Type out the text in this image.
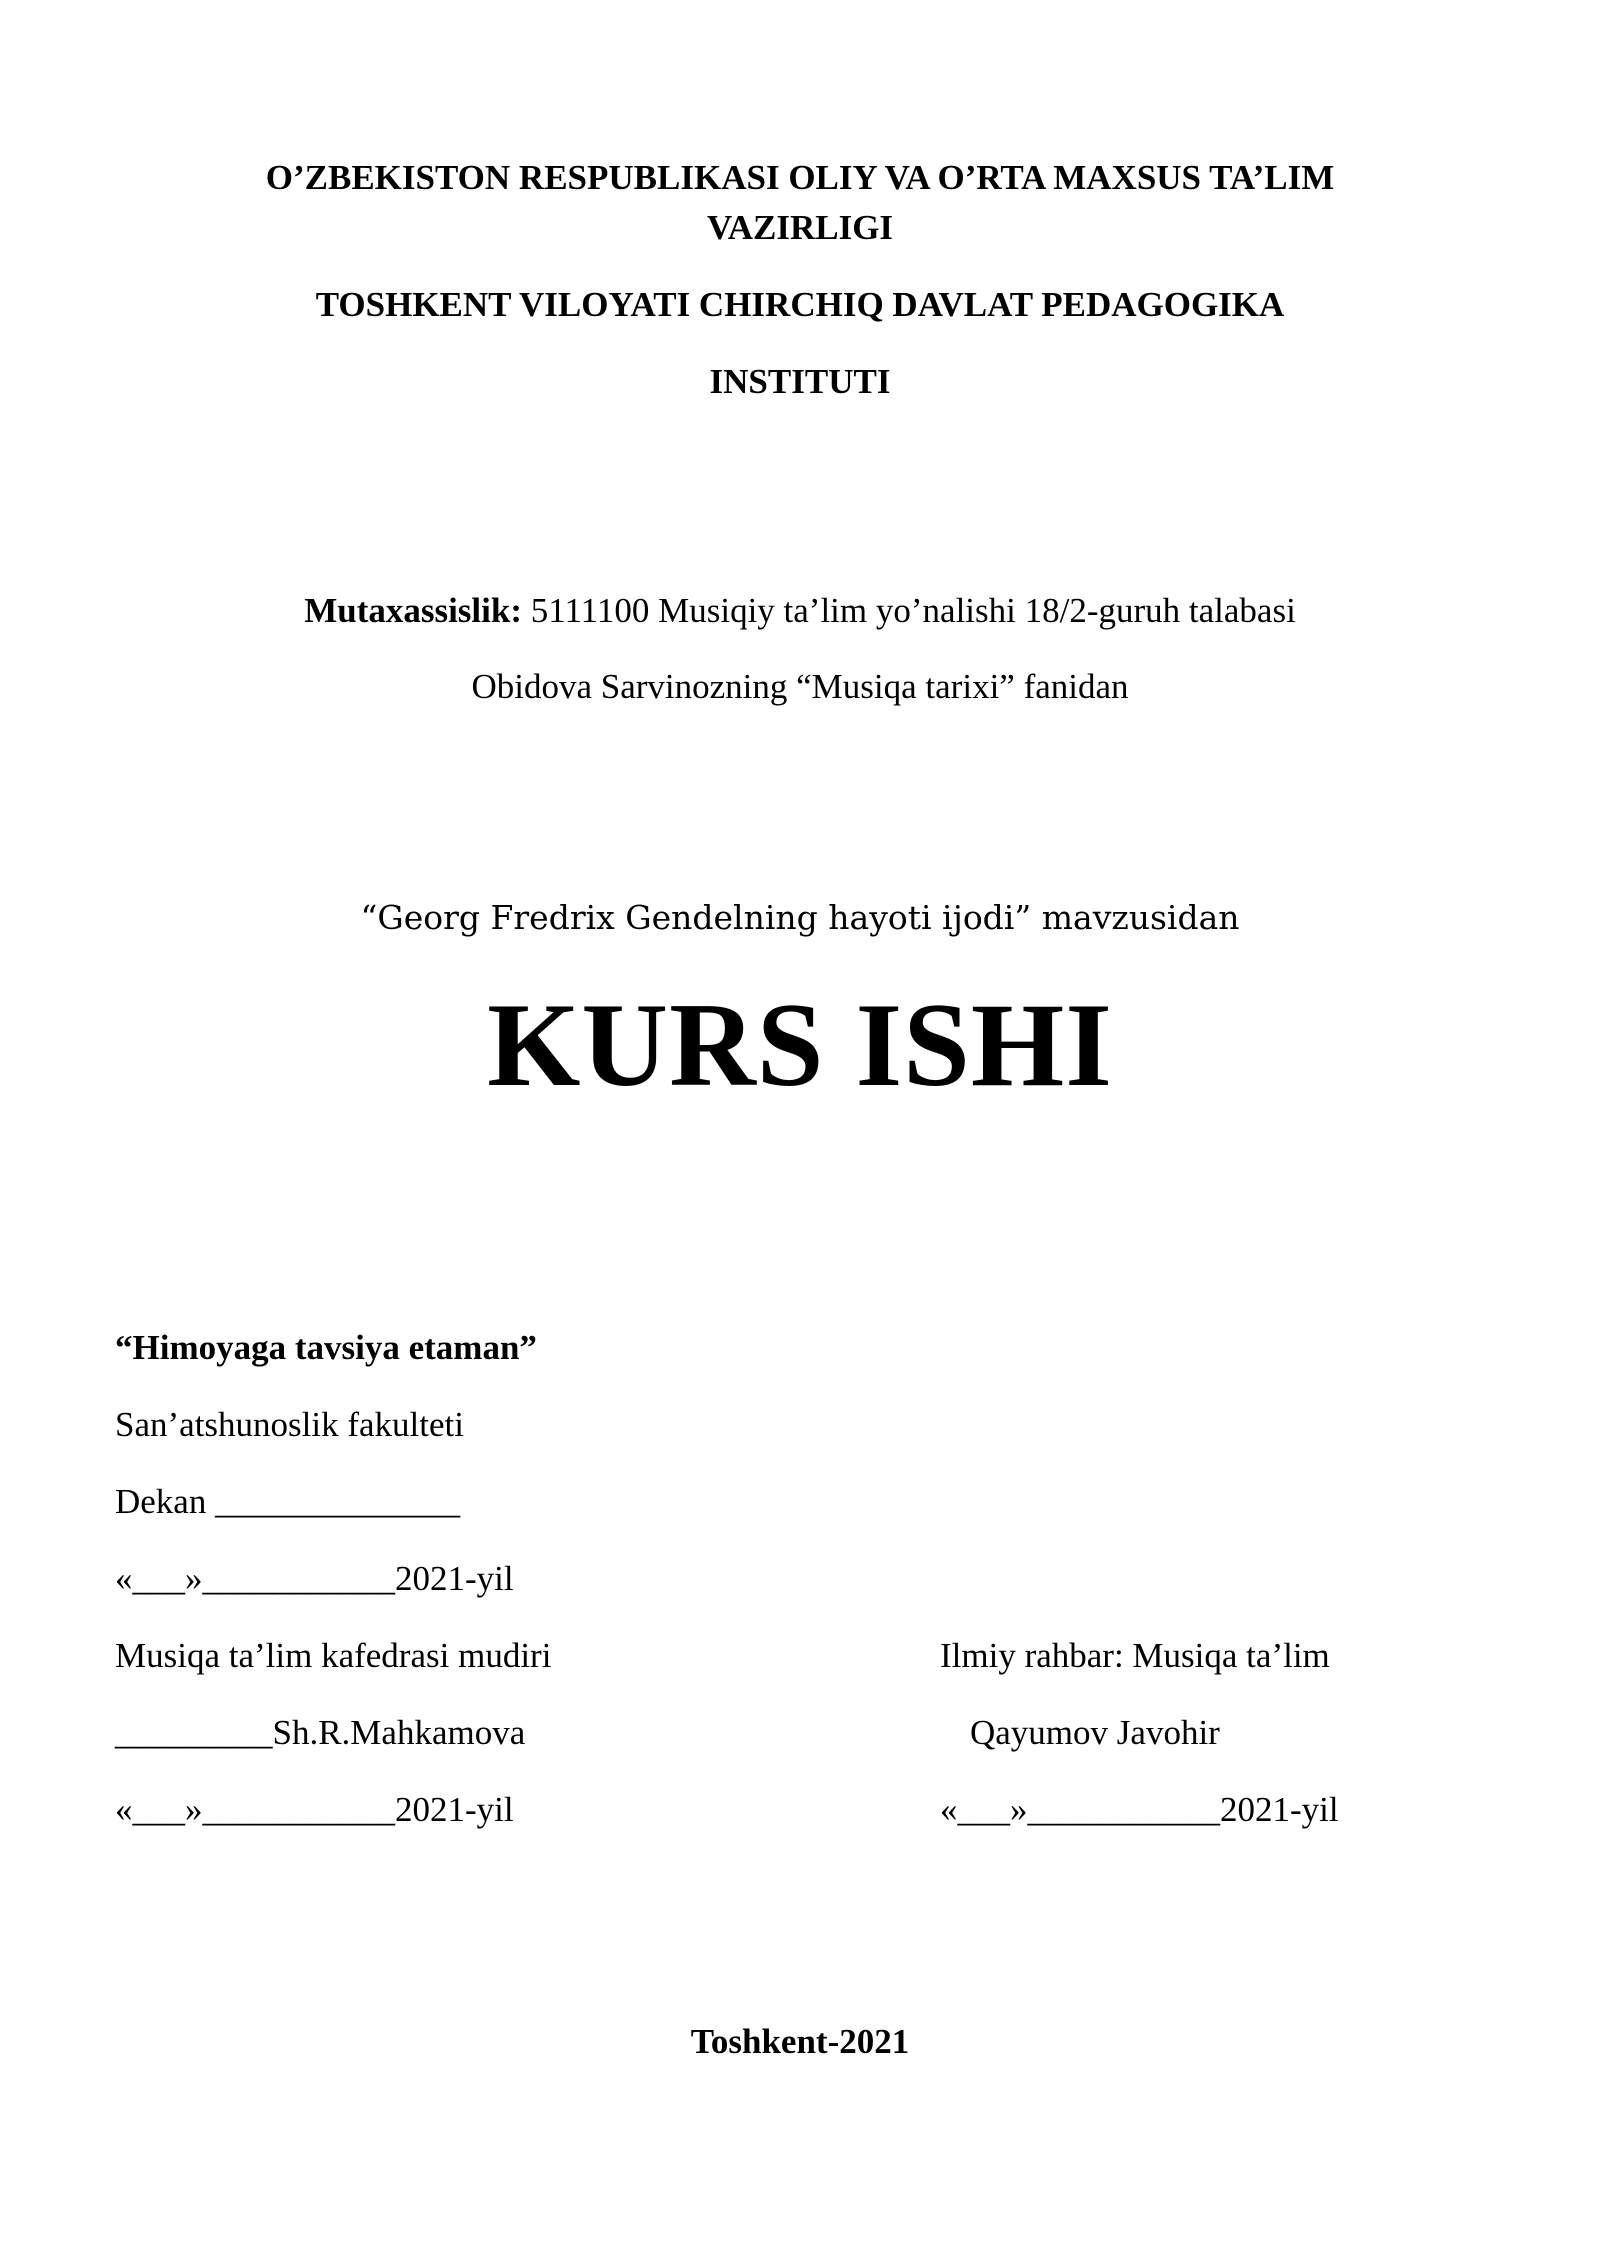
O’ZBEKISTON RESPUBLIKASI OLIY VA O’RTA MAXSUS TA’LIM
VAZIRLIGI
TOSHKENT VILOYATI CHIRCHIQ DAVLAT PEDAGOGIKA
INSTITUTI
Mutaxassislik: 5111100 Musiqiy ta’lim yo’nalishi 18/2-guruh talabasi
Obidova Sarvinozning “Musiqa tarixi” fanidan
“Georg Fredrix Gendelning hayoti ijodi” mavzusidan
KURS ISHI
“Himoyaga tavsiya etaman”
San’atshunoslik fakulteti
Dekan ______________
«___»___________2021-yil
Musiqa ta’lim kafedrasi mudiri
_________Sh.R.Mahkamova
«___»___________2021-yil
Ilmiy rahbar: Musiqa ta’lim
Qayumov Javohir
«___»___________2021-yil
Toshkent-2021
